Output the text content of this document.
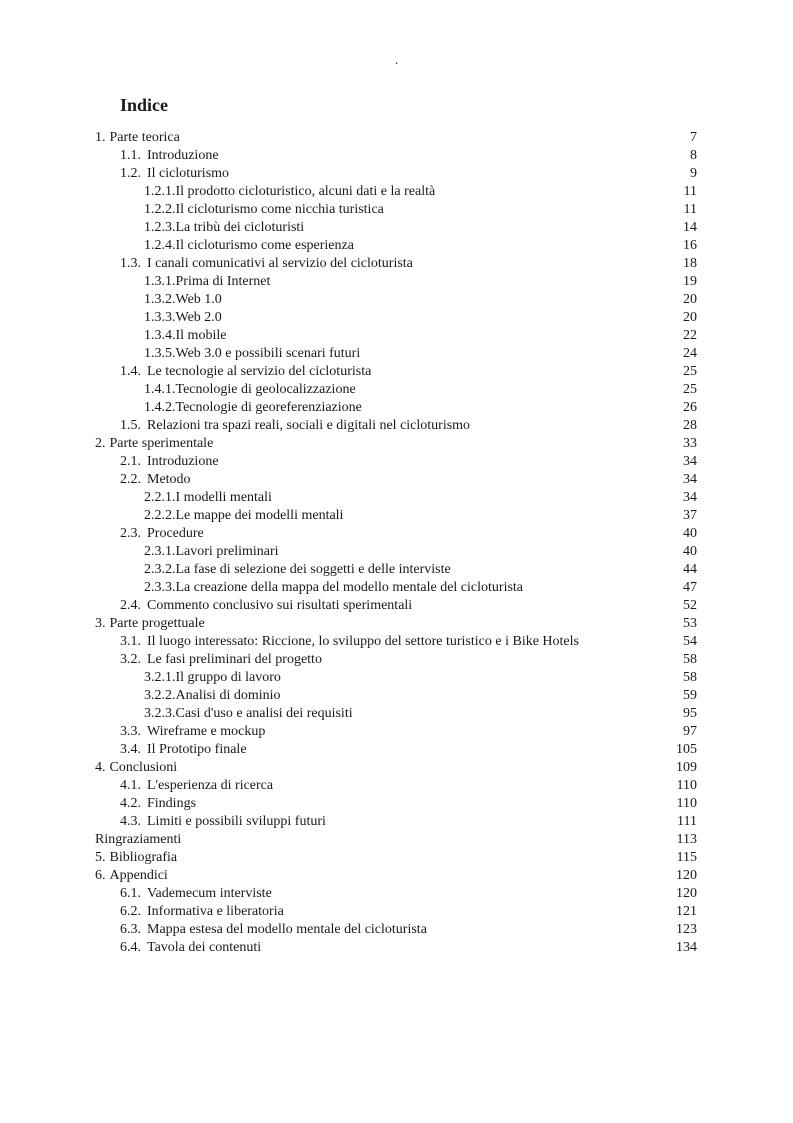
.
Indice
1. Parte teorica	7
1.1. Introduzione	8
1.2. Il cicloturismo	9
1.2.1.Il prodotto cicloturistico, alcuni dati e la realtà	11
1.2.2.Il cicloturismo come nicchia turistica	11
1.2.3.La tribù dei cicloturisti	14
1.2.4.Il cicloturismo come esperienza	16
1.3. I canali comunicativi al servizio del cicloturista	18
1.3.1.Prima di Internet	19
1.3.2.Web 1.0	20
1.3.3.Web 2.0	20
1.3.4.Il mobile	22
1.3.5.Web 3.0 e possibili scenari futuri	24
1.4. Le tecnologie al servizio del cicloturista	25
1.4.1.Tecnologie di geolocalizzazione	25
1.4.2.Tecnologie di georeferenziazione	26
1.5. Relazioni tra spazi reali, sociali e digitali nel cicloturismo	28
2. Parte sperimentale	33
2.1. Introduzione	34
2.2. Metodo	34
2.2.1.I modelli mentali	34
2.2.2.Le mappe dei modelli mentali	37
2.3. Procedure	40
2.3.1.Lavori preliminari	40
2.3.2.La fase di selezione dei soggetti e delle interviste	44
2.3.3.La creazione della mappa del modello mentale del cicloturista	47
2.4. Commento conclusivo sui risultati sperimentali	52
3. Parte progettuale	53
3.1. Il luogo interessato: Riccione, lo sviluppo del settore turistico e i Bike Hotels	54
3.2. Le fasi preliminari del progetto	58
3.2.1.Il gruppo di lavoro	58
3.2.2.Analisi di dominio	59
3.2.3.Casi d'uso e analisi dei requisiti	95
3.3. Wireframe e mockup	97
3.4. Il Prototipo finale	105
4. Conclusioni	109
4.1. L'esperienza di ricerca	110
4.2. Findings	110
4.3. Limiti e possibili sviluppi futuri	111
Ringraziamenti	113
5. Bibliografia	115
6. Appendici	120
6.1. Vademecum interviste	120
6.2. Informativa e liberatoria	121
6.3. Mappa estesa del modello mentale del cicloturista	123
6.4. Tavola dei contenuti	134
